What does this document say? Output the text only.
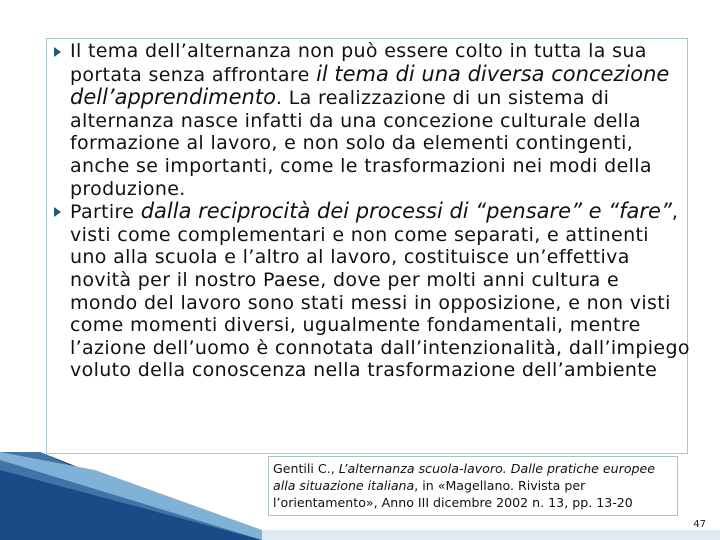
Il tema dell’alternanza non può essere colto in tutta la sua portata senza affrontare il tema di una diversa concezione dell’apprendimento. La realizzazione di un sistema di alternanza nasce infatti da una concezione culturale della formazione al lavoro, e non solo da elementi contingenti, anche se importanti, come le trasformazioni nei modi della produzione.
Partire dalla reciprocità dei processi di “pensare” e “fare”, visti come complementari e non come separati, e attinenti uno alla scuola e l’altro al lavoro, costituisce un’effettiva novità per il nostro Paese, dove per molti anni cultura e mondo del lavoro sono stati messi in opposizione, e non visti come momenti diversi, ugualmente fondamentali, mentre l’azione dell’uomo è connotata dall’intenzionalità, dall’impiego voluto della conoscenza nella trasformazione dell’ambiente
Gentili C., L’alternanza scuola-lavoro. Dalle pratiche europee alla situazione italiana, in «Magellano. Rivista per l’orientamento», Anno III dicembre 2002 n. 13, pp. 13-20
47
